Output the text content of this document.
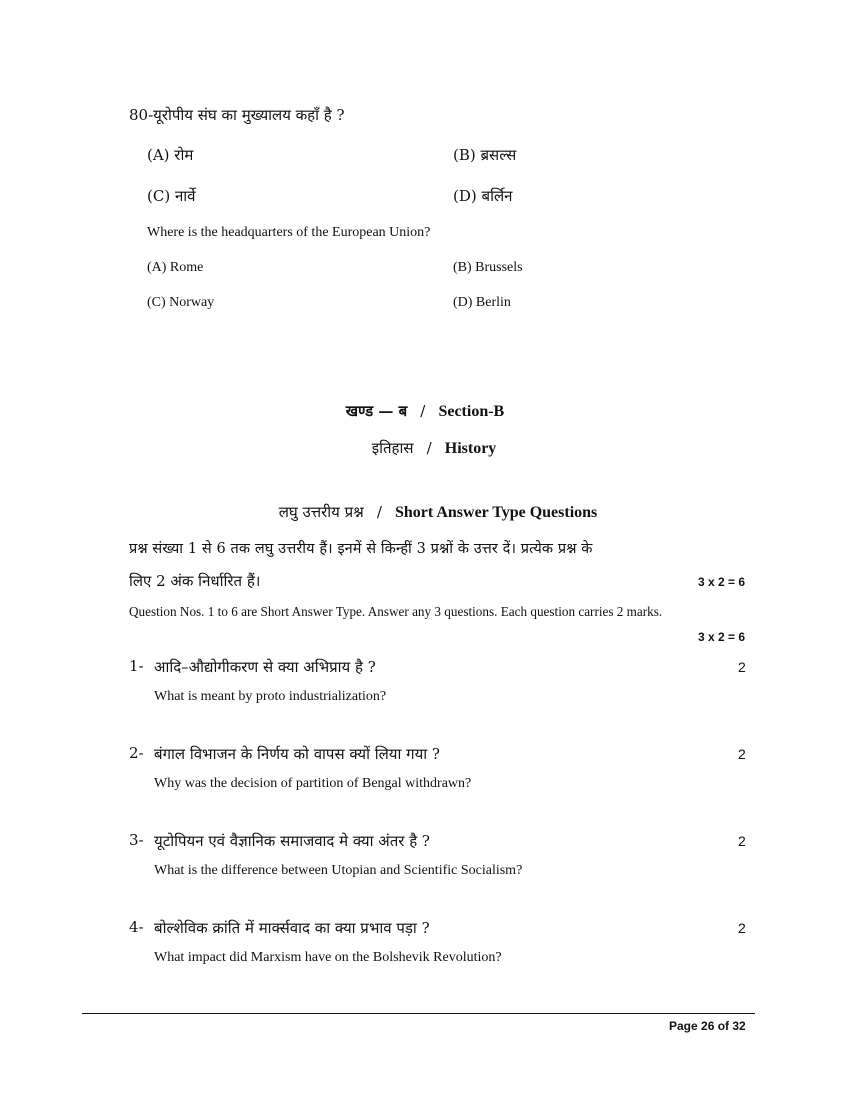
80-यूरोपीय संघ का मुख्यालय कहाँ है ?
(A) रोम	(B) ब्रसल्स
(C) नार्वे	(D) बर्लिन
Where is the headquarters of the European Union?
(A) Rome	(B) Brussels
(C) Norway	(D) Berlin
खण्ड — ब / Section-B
इतिहास / History
लघु उत्तरीय प्रश्न / Short Answer Type Questions
प्रश्न संख्या 1 से 6 तक लघु उत्तरीय हैं। इनमें से किन्हीं 3 प्रश्नों के उत्तर दें। प्रत्येक प्रश्न के
लिए 2 अंक निर्धारित हैं।	3 x 2 = 6
Question Nos. 1 to 6 are Short Answer Type. Answer any 3 questions. Each question carries 2 marks.
3 x 2 = 6
1- आदि–औद्योगीकरण से क्या अभिप्राय है ?	2
What is meant by proto industrialization?
2- बंगाल विभाजन के निर्णय को वापस क्यों लिया गया ?	2
Why was the decision of partition of Bengal withdrawn?
3- यूटोपियन एवं वैज्ञानिक समाजवाद मे क्या अंतर है ?	2
What is the difference between Utopian and Scientific Socialism?
4- बोल्शेविक क्रांति में मार्क्सवाद का क्या प्रभाव पड़ा ?	2
What impact did Marxism have on the Bolshevik Revolution?
Page 26 of 32
